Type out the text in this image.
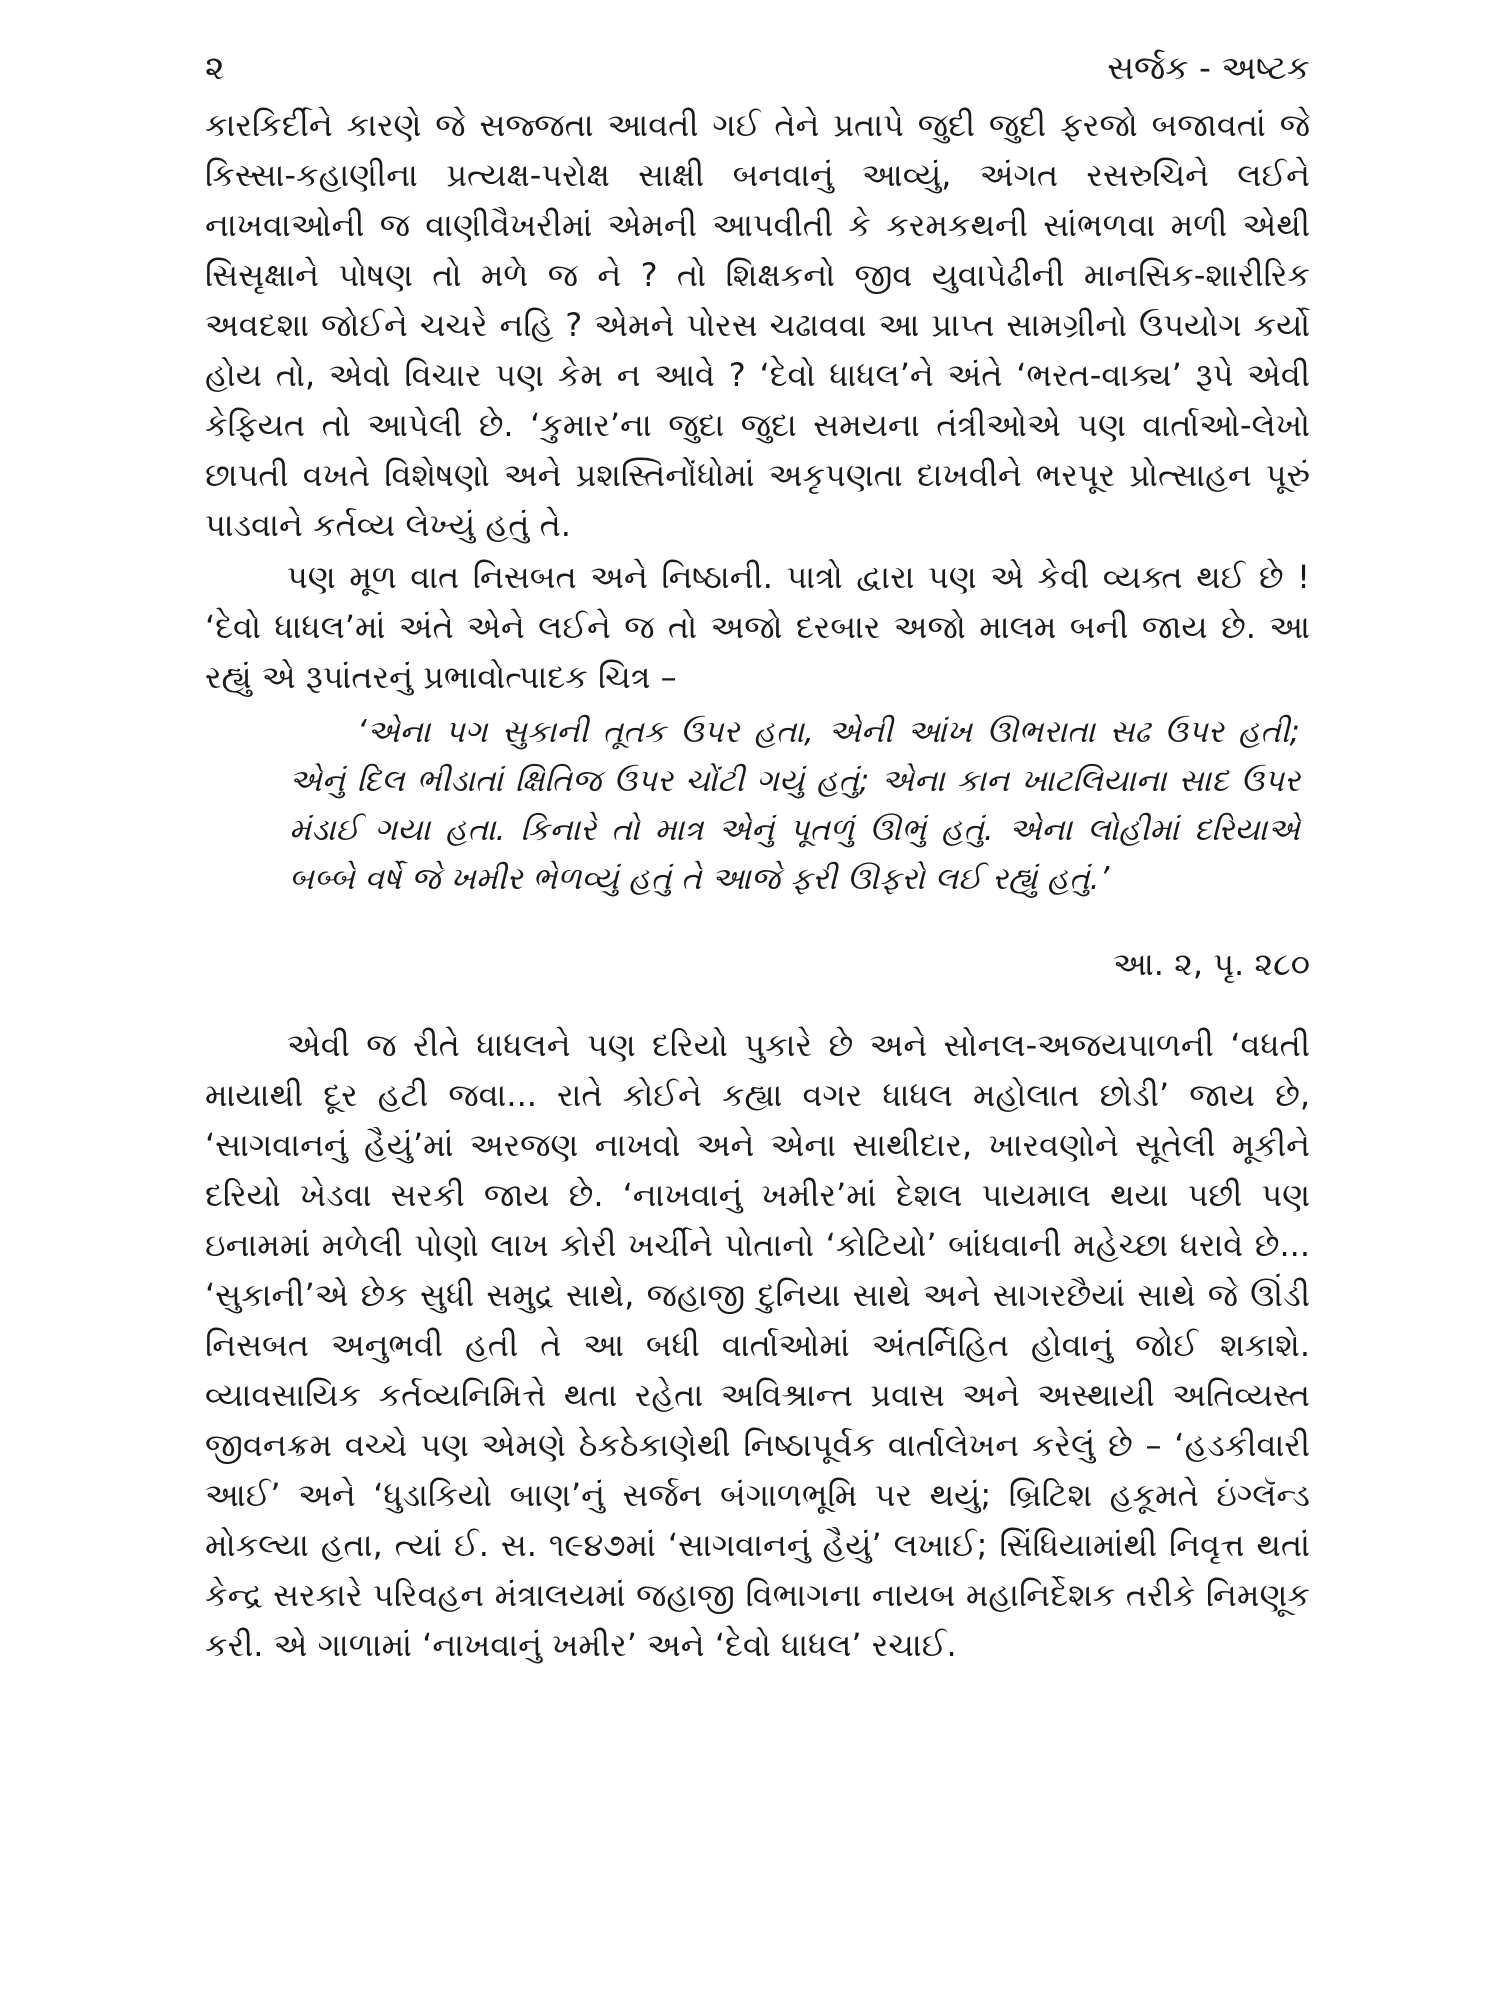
૨	સર્જક - અષ્ટક

કારકિર્દીને કારણે જે સજ્જતા આવતી ગઈ તેને પ્રતાપે જુદી જુદી ફરજો બજાવતાં જે કિસ્સા-કહાણીના પ્રત્યક્ષ-પરોક્ષ સાક્ષી બનવાનું આવ્યું, અંગત રસરુચિને લઈને નાખવાઓની જ વાણીવૈખરીમાં એમની આપવીતી કે કરમકથની સાંભળવા મળી એથી સિસૃક્ષાને પોષણ તો મળે જ ને ? તો શિક્ષકનો જીવ યુવાપેઢીની માનસિક-શારીરિક અવદશા જોઈને ચચરે નહિ ? એમને પોરસ ચઢાવવા આ પ્રાપ્ત સામગ્રીનો ઉપયોગ કર્યો હોય તો, એવો વિચાર પણ કેમ ન આવે ? ‘દેવો ધાધલ’ને અંતે ‘ભરત-વાક્ય’ રૂપે એવી કેફિયત તો આપેલી છે. ‘કુમાર’ના જુદા જુદા સમયના તંત્રીઓએ પણ વાર્તાઓ-લેખો છાપતી વખતે વિશેષણો અને પ્રશસ્તિનોંધોમાં અકૃપણતા દાખવીને ભરપૂર પ્રોત્સાહન પૂરું પાડવાને કર્તવ્ય લેખ્યું હતું તે.

પણ મૂળ વાત નિસબત અને નિષ્ઠાની. પાત્રો દ્વારા પણ એ કેવી વ્યક્ત થઈ છે ! ‘દેવો ધાધલ’માં અંતે એને લઈને જ તો અજો દરબાર અજો માલમ બની જાય છે. આ રહ્યું એ રૂપાંતરનું પ્રભાવોત્પાદક ચિત્ર –

‘એના પગ સુકાની તૂતક ઉપર હતા, એની આંખ ઊભરાતા સઢ ઉપર હતી; એનું દિલ ભીડાતાં ક્ષિતિજ ઉપર ચોંટી ગયું હતું; એના કાન ખાટલિયાના સાદ ઉપર મંડાઈ ગયા હતા. કિનારે તો માત્ર એનું પૂતળું ઊભું હતું. એના લોહીમાં દરિયાએ બબ્બે વર્ષે જે ખમીર ભેળવ્યું હતું તે આજે ફરી ઊફરો લઈ રહ્યું હતું.’

આ. ૨, પૃ. ૨૮૦

એવી જ રીતે ધાધલને પણ દરિયો પુકારે છે અને સોનલ-અજયપાળની ‘વધતી માયાથી દૂર હટી જવા... રાતે કોઈને કહ્યા વગર ધાધલ મહોલાત છોડી’ જાય છે, ‘સાગવાનનું હૈયું’માં અરજણ નાખવો અને એના સાથીદાર, ખારવણોને સૂતેલી મૂકીને દરિયો ખેડવા સરકી જાય છે. ‘નાખવાનું ખમીર’માં દેશલ પાયમાલ થયા પછી પણ ઇનામમાં મળેલી પોણો લાખ કોરી ખર્ચીને પોતાનો ‘કોટિયો’ બાંધવાની મહેચ્છા ધરાવે છે... ‘સુકાની’એ છેક સુધી સમુદ્ર સાથે, જહાજી દુનિયા સાથે અને સાગરછૈયાં સાથે જે ઊંડી નિસબત અનુભવી હતી તે આ બધી વાર્તાઓમાં અંતર્નિહિત હોવાનું જોઈ શકાશે. વ્યાવસાયિક કર્તવ્યનિમિત્તે થતા રહેતા અવિશ્રાન્ત પ્રવાસ અને અસ્થાયી અતિવ્યસ્ત જીવનક્રમ વચ્ચે પણ એમણે ઠેકઠેકાણેથી નિષ્ઠાપૂર્વક વાર્તાલેખન કરેલું છે – ‘હડકીવારી આઈ’ અને ‘ધુડાકિયો બાણ’નું સર્જન બંગાળભૂમિ પર થયું; બ્રિટિશ હકૂમતે ઇંગ્લૅન્ડ મોકલ્યા હતા, ત્યાં ઈ. સ. ૧૯૪૭માં ‘સાગવાનનું હૈયું’ લખાઈ; સિંધિયામાંથી નિવૃત્ત થતાં કેન્દ્ર સરકારે પરિવહન મંત્રાલયમાં જહાજી વિભાગના નાયબ મહાનિર્દેશક તરીકે નિમણૂક કરી. એ ગાળામાં ‘નાખવાનું ખમીર’ અને ‘દેવો ધાધલ’ રચાઈ.
